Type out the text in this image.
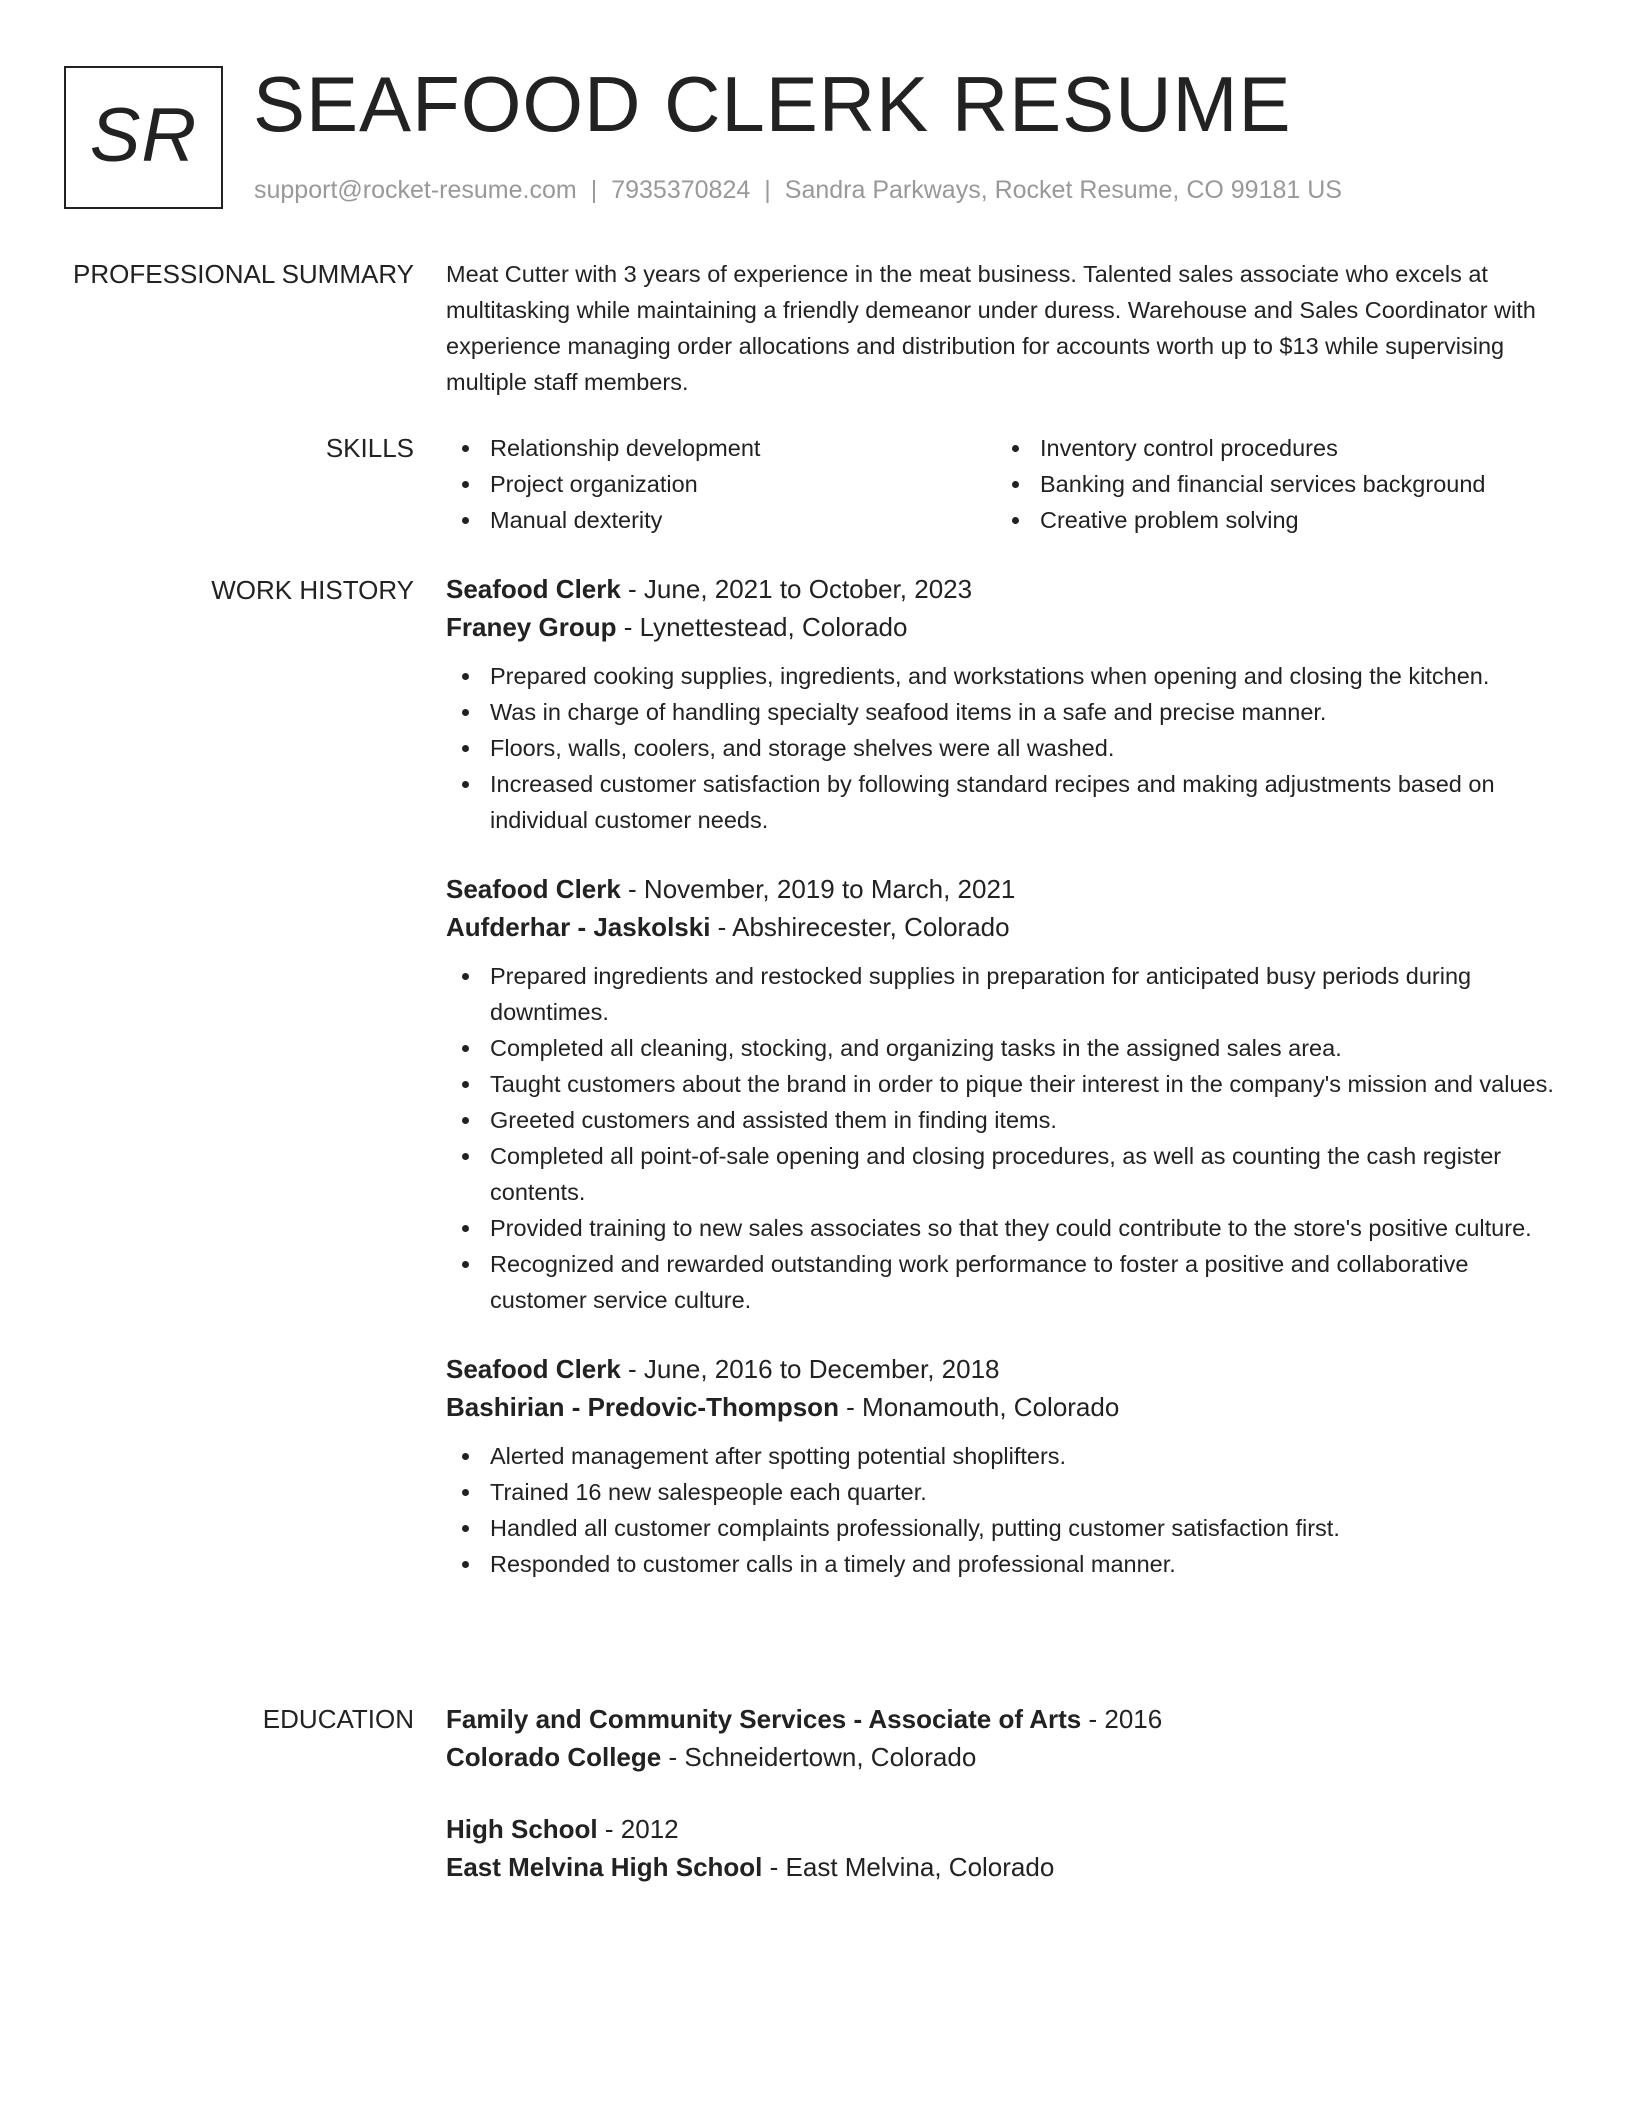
SR SEAFOOD CLERK RESUME
support@rocket-resume.com | 7935370824 | Sandra Parkways, Rocket Resume, CO 99181 US
PROFESSIONAL SUMMARY Meat Cutter with 3 years of experience in the meat business. Talented sales associate who excels at multitasking while maintaining a friendly demeanor under duress. Warehouse and Sales Coordinator with experience managing order allocations and distribution for accounts worth up to $13 while supervising multiple staff members.
SKILLS	Relationship development
Project organization
Manual dexterity
Inventory control procedures
Banking and financial services background
Creative problem solving
WORK HISTORY Seafood Clerk - June, 2021 to October, 2023
Franey Group - Lynettestead, Colorado
Prepared cooking supplies, ingredients, and workstations when opening and closing the kitchen.
Was in charge of handling specialty seafood items in a safe and precise manner.
Floors, walls, coolers, and storage shelves were all washed.
Increased customer satisfaction by following standard recipes and making adjustments based on individual customer needs.
Seafood Clerk - November, 2019 to March, 2021
Aufderhar - Jaskolski - Abshirecester, Colorado
Prepared ingredients and restocked supplies in preparation for anticipated busy periods during downtimes.
Completed all cleaning, stocking, and organizing tasks in the assigned sales area.
Taught customers about the brand in order to pique their interest in the company's mission and values.
Greeted customers and assisted them in finding items.
Completed all point-of-sale opening and closing procedures, as well as counting the cash register contents.
Provided training to new sales associates so that they could contribute to the store's positive culture.
Recognized and rewarded outstanding work performance to foster a positive and collaborative customer service culture.
Seafood Clerk - June, 2016 to December, 2018
Bashirian - Predovic-Thompson - Monamouth, Colorado
Alerted management after spotting potential shoplifters.
Trained 16 new salespeople each quarter.
Handled all customer complaints professionally, putting customer satisfaction first.
Responded to customer calls in a timely and professional manner.
EDUCATION Family and Community Services - Associate of Arts - 2016
Colorado College - Schneidertown, Colorado
High School - 2012
East Melvina High School - East Melvina, Colorado
